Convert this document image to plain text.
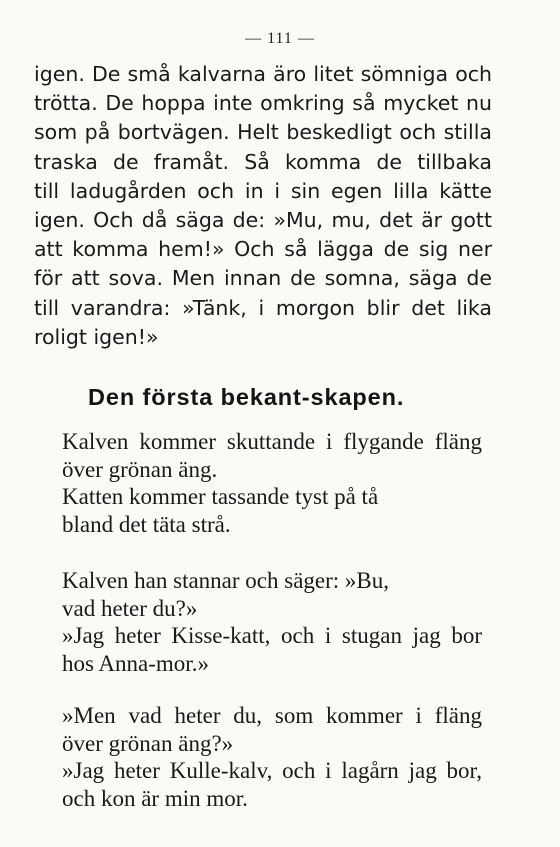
— 111 —
igen. De små kalvarna äro litet sömniga och
trötta. De hoppa inte omkring så mycket nu
som på bortvägen. Helt beskedligt och stilla
traska de framåt. Så komma de tillbaka
till ladugården och in i sin egen lilla kätte
igen. Och då säga de: »Mu, mu, det är gott
att komma hem!» Och så lägga de sig ner
för att sova. Men innan de somna, säga de
till varandra: »Tänk, i morgon blir det lika
roligt igen!»
Den första bekant-skapen.
Kalven kommer skuttande i flygande fläng
över grönan äng.
Katten kommer tassande tyst på tå
bland det täta strå.
Kalven han stannar och säger: »Bu,
vad heter du?»
»Jag heter Kisse-katt, och i stugan jag bor
hos Anna-mor.»
»Men vad heter du, som kommer i fläng
över grönan äng?»
»Jag heter Kulle-kalv, och i lagårn jag bor,
och kon är min mor.
